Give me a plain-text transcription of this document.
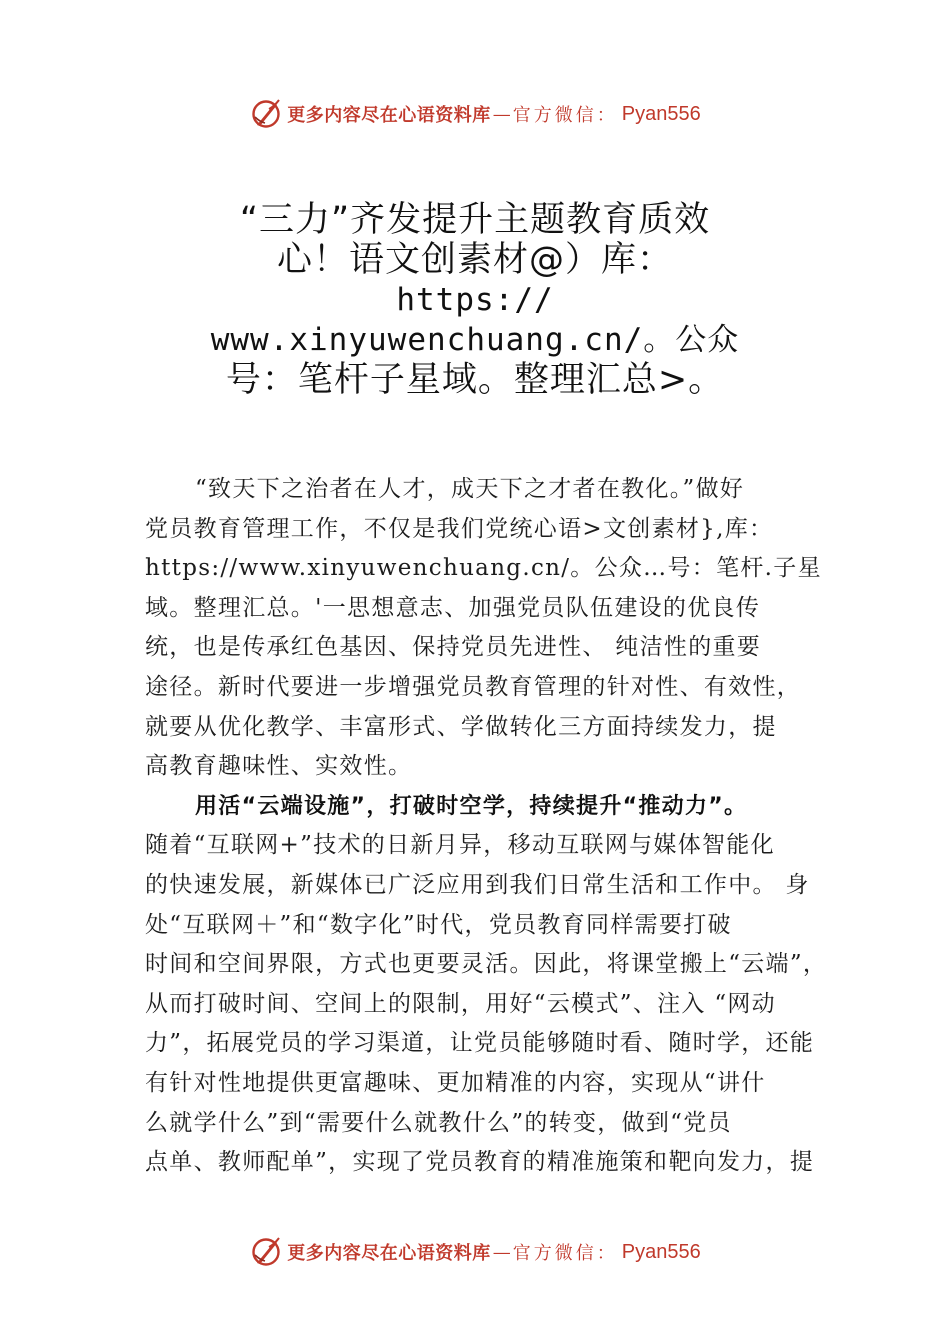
更多内容尽在心语资料库 — 官方微信： Pyan556
“三力”齐发提升主题教育质效
心！语文创素材@）库：
https://
www.xinyuwenchuang.cn/。公众
号：笔杆子星域。整理汇总>。
“致天下之治者在人才，成天下之才者在教化。”做好
党员教育管理工作，不仅是我们党统心语>文创素材},库：
https://www.xinyuwenchuang.cn/。公众…号：笔杆.子星
域。整理汇总。'一思想意志、加强党员队伍建设的优良传
统，也是传承红色基因、保持党员先进性、 纯洁性的重要
途径。新时代要进一步增强党员教育管理的针对性、有效性，
就要从优化教学、丰富形式、学做转化三方面持续发力，提
高教育趣味性、实效性。
用活“云端设施”，打破时空学，持续提升“推动力”。
随着“互联网+”技术的日新月异，移动互联网与媒体智能化
的快速发展，新媒体已广泛应用到我们日常生活和工作中。 身
处“互联网＋”和“数字化”时代，党员教育同样需要打破
时间和空间界限，方式也更要灵活。因此，将课堂搬上“云端”，
从而打破时间、空间上的限制，用好“云模式”、注入 “网动
力”，拓展党员的学习渠道，让党员能够随时看、随时学，还能
有针对性地提供更富趣味、更加精准的内容，实现从“讲什
么就学什么”到“需要什么就教什么”的转变，做到“党员
点单、教师配单”，实现了党员教育的精准施策和靶向发力，提
更多内容尽在心语资料库 — 官方微信： Pyan556
